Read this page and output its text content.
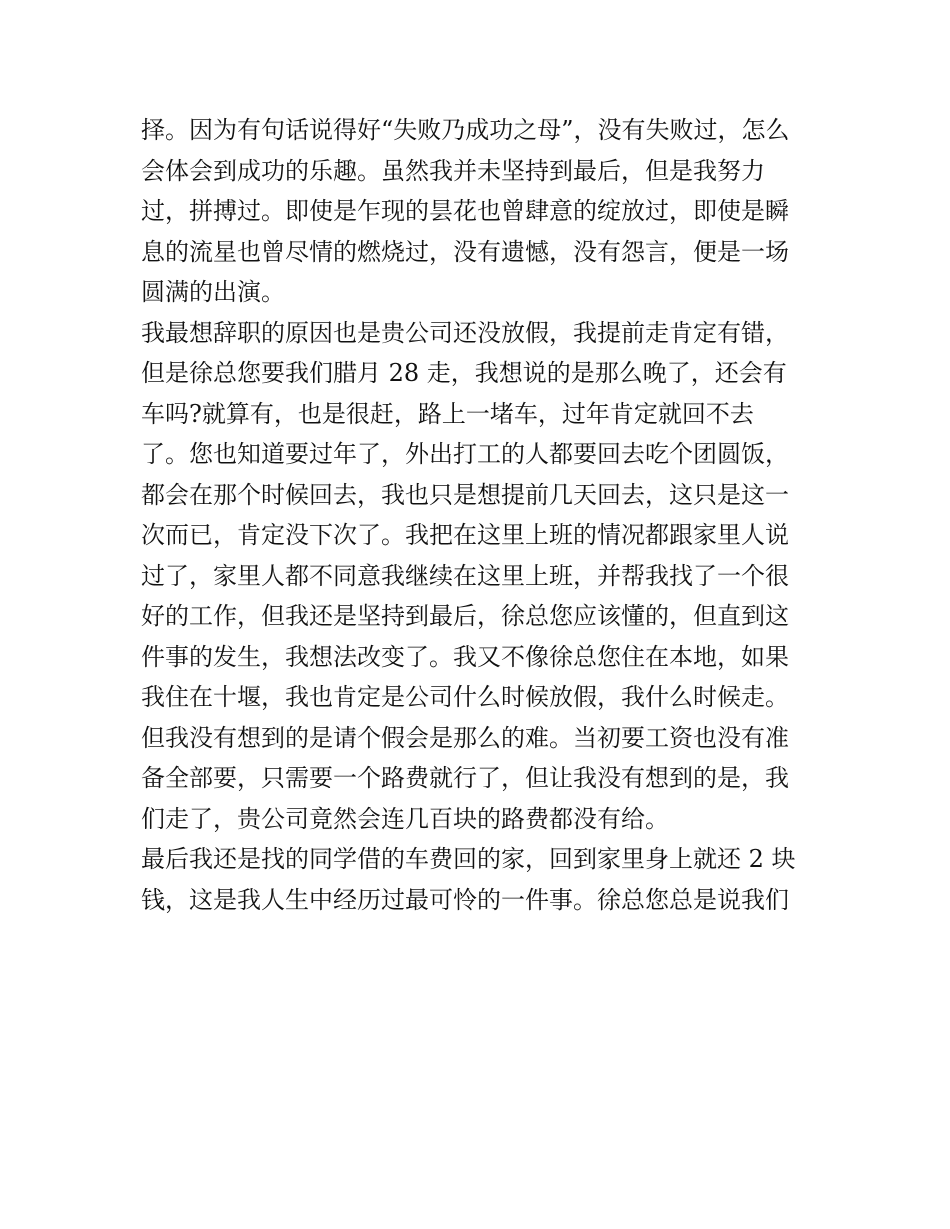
择。因为有句话说得好“失败乃成功之母”，没有失败过，怎么
会体会到成功的乐趣。虽然我并未坚持到最后，但是我努力
过，拼搏过。即使是乍现的昙花也曾肆意的绽放过，即使是瞬
息的流星也曾尽情的燃烧过，没有遗憾，没有怨言，便是一场
圆满的出演。
我最想辞职的原因也是贵公司还没放假，我提前走肯定有错，
但是徐总您要我们腊月 28 走，我想说的是那么晚了，还会有
车吗?就算有，也是很赶，路上一堵车，过年肯定就回不去
了。您也知道要过年了，外出打工的人都要回去吃个团圆饭，
都会在那个时候回去，我也只是想提前几天回去，这只是这一
次而已，肯定没下次了。我把在这里上班的情况都跟家里人说
过了，家里人都不同意我继续在这里上班，并帮我找了一个很
好的工作，但我还是坚持到最后，徐总您应该懂的，但直到这
件事的发生，我想法改变了。我又不像徐总您住在本地，如果
我住在十堰，我也肯定是公司什么时候放假，我什么时候走。
但我没有想到的是请个假会是那么的难。当初要工资也没有准
备全部要，只需要一个路费就行了，但让我没有想到的是，我
们走了，贵公司竟然会连几百块的路费都没有给。
最后我还是找的同学借的车费回的家，回到家里身上就还 2 块
钱，这是我人生中经历过最可怜的一件事。徐总您总是说我们
